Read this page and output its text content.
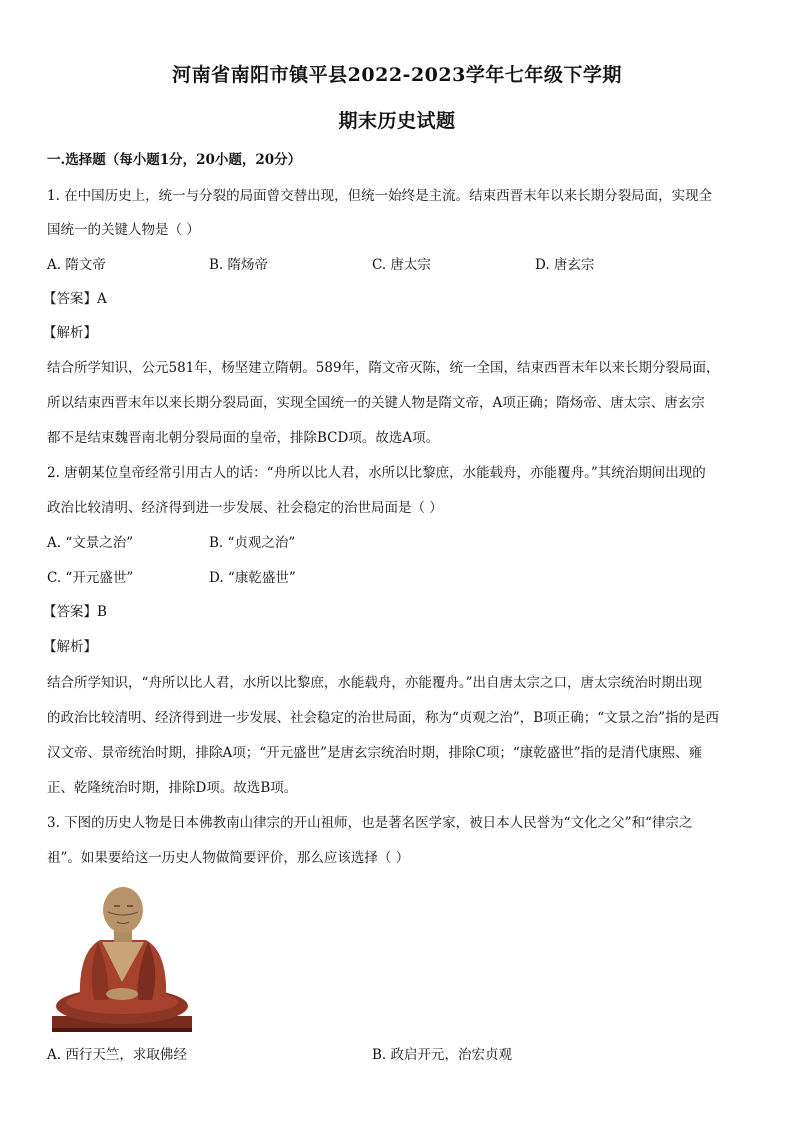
河南省南阳市镇平县2022-2023学年七年级下学期
期末历史试题
一.选择题（每小题1分，20小题，20分）
1. 在中国历史上，统一与分裂的局面曾交替出现，但统一始终是主流。结束西晋末年以来长期分裂局面，实现全
国统一的关键人物是（ ）
A. 隋文帝	B. 隋炀帝	C. 唐太宗	D. 唐玄宗
【答案】A
【解析】
结合所学知识，公元581年，杨坚建立隋朝。589年，隋文帝灭陈，统一全国，结束西晋末年以来长期分裂局面，
所以结束西晋末年以来长期分裂局面，实现全国统一的关键人物是隋文帝，A项正确；隋炀帝、唐太宗、唐玄宗
都不是结束魏晋南北朝分裂局面的皇帝，排除BCD项。故选A项。
2. 唐朝某位皇帝经常引用古人的话：“舟所以比人君，水所以比黎庶，水能载舟，亦能覆舟。”其统治期间出现的
政治比较清明、经济得到进一步发展、社会稳定的治世局面是（ ）
A. “文景之治”	B. “贞观之治”
C. “开元盛世”	D. “康乾盛世”
【答案】B
【解析】
结合所学知识，“舟所以比人君，水所以比黎庶，水能载舟，亦能覆舟。”出自唐太宗之口，唐太宗统治时期出现
的政治比较清明、经济得到进一步发展、社会稳定的治世局面，称为“贞观之治”，B项正确；“文景之治”指的是西
汉文帝、景帝统治时期，排除A项；“开元盛世”是唐玄宗统治时期，排除C项；“康乾盛世”指的是清代康熙、雍
正、乾隆统治时期，排除D项。故选B项。
3. 下图的历史人物是日本佛教南山律宗的开山祖师，也是著名医学家，被日本人民誉为“文化之父”和“律宗之
祖”。如果要给这一历史人物做简要评价，那么应该选择（ ）
A. 西行天竺，求取佛经	B. 政启开元，治宏贞观
